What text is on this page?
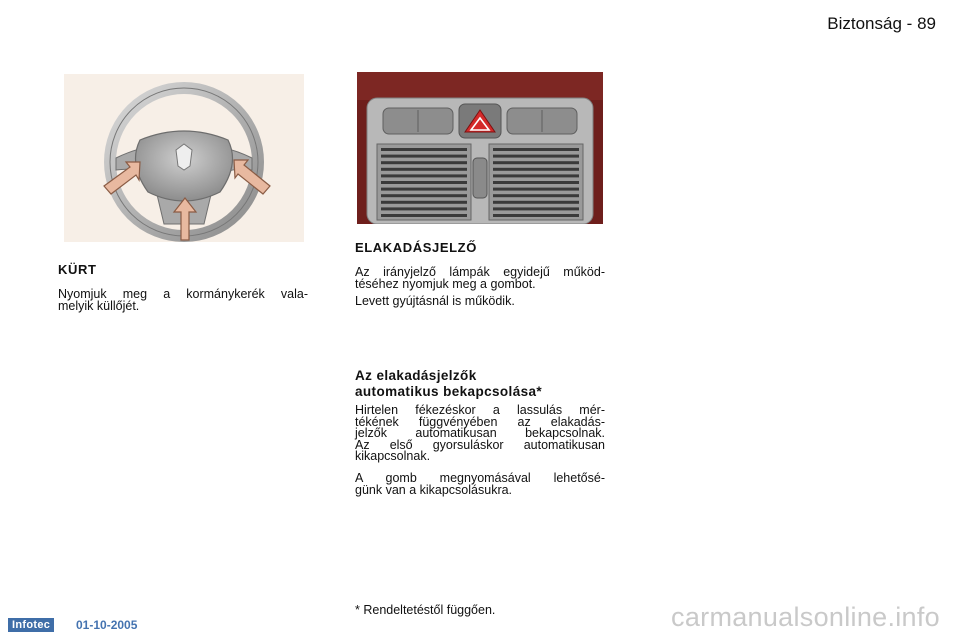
Biztonság - 89
KÜRT
Nyomjuk meg a kormánykerék vala-
melyik küllőjét.
ELAKADÁSJELZŐ
Az irányjelző lámpák egyidejű működ-
téséhez nyomjuk meg a gombot.
Levett gyújtásnál is működik.
Az elakadásjelzők
automatikus bekapcsolása*
Hirtelen fékezéskor a lassulás mér-
tékének függvényében az elakadás-
jelzők automatikusan bekapcsolnak.
Az első gyorsuláskor automatikusan
kikapcsolnak.
A gomb megnyomásával lehetősé-
günk van a kikapcsolásukra.
* Rendeltetéstől függően.
Infotec	01-10-2005	carmanualsonline.info
